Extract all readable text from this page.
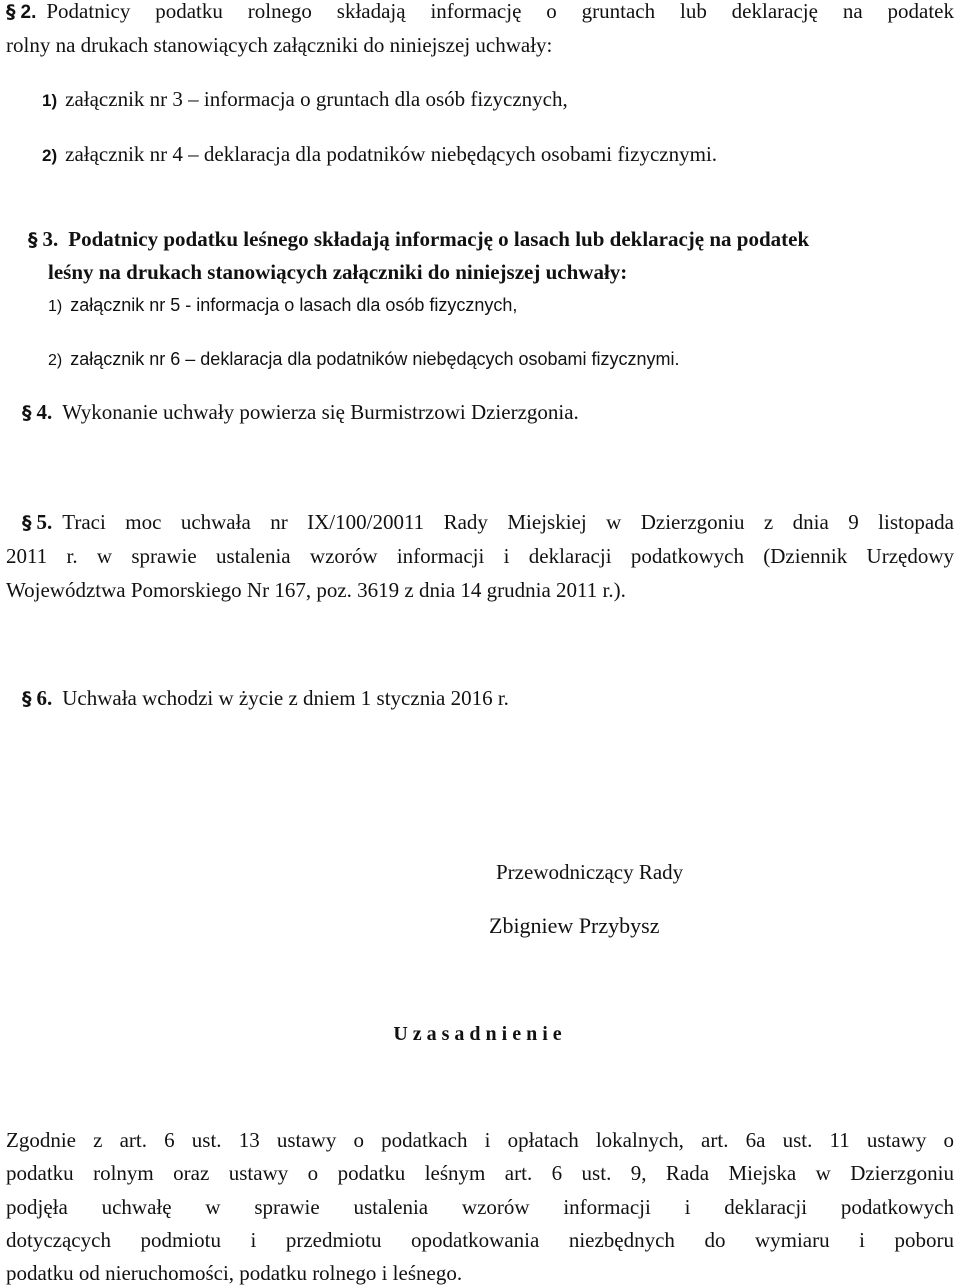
§ 2. Podatnicy podatku rolnego składają informację o gruntach lub deklarację na podatek
rolny na drukach stanowiących załączniki do niniejszej uchwały:
1) załącznik nr 3 – informacja o gruntach dla osób fizycznych,
2) załącznik nr 4 – deklaracja dla podatników niebędących osobami fizycznymi.
§ 3. Podatnicy podatku leśnego składają informację o lasach lub deklarację na podatek
leśny na drukach stanowiących załączniki do niniejszej uchwały:
1) załącznik nr 5 - informacja o lasach dla osób fizycznych,
2) załącznik nr 6 – deklaracja dla podatników niebędących osobami fizycznymi.
§ 4. Wykonanie uchwały powierza się Burmistrzowi Dzierzgonia.
§ 5. Traci moc uchwała nr IX/100/20011 Rady Miejskiej w Dzierzgoniu z dnia 9 listopada
2011 r. w sprawie ustalenia wzorów informacji i deklaracji podatkowych (Dziennik Urzędowy
Województwa Pomorskiego Nr 167, poz. 3619 z dnia 14 grudnia 2011 r.).
§ 6. Uchwała wchodzi w życie z dniem 1 stycznia 2016 r.
Przewodniczący Rady
Zbigniew Przybysz
Uzasadnienie
Zgodnie z art. 6 ust. 13 ustawy o podatkach i opłatach lokalnych, art. 6a ust. 11 ustawy o
podatku rolnym oraz ustawy o podatku leśnym art. 6 ust. 9, Rada Miejska w Dzierzgoniu
podjęła uchwałę w sprawie ustalenia wzorów informacji i deklaracji podatkowych
dotyczących podmiotu i przedmiotu opodatkowania niezbędnych do wymiaru i poboru
podatku od nieruchomości, podatku rolnego i leśnego.
